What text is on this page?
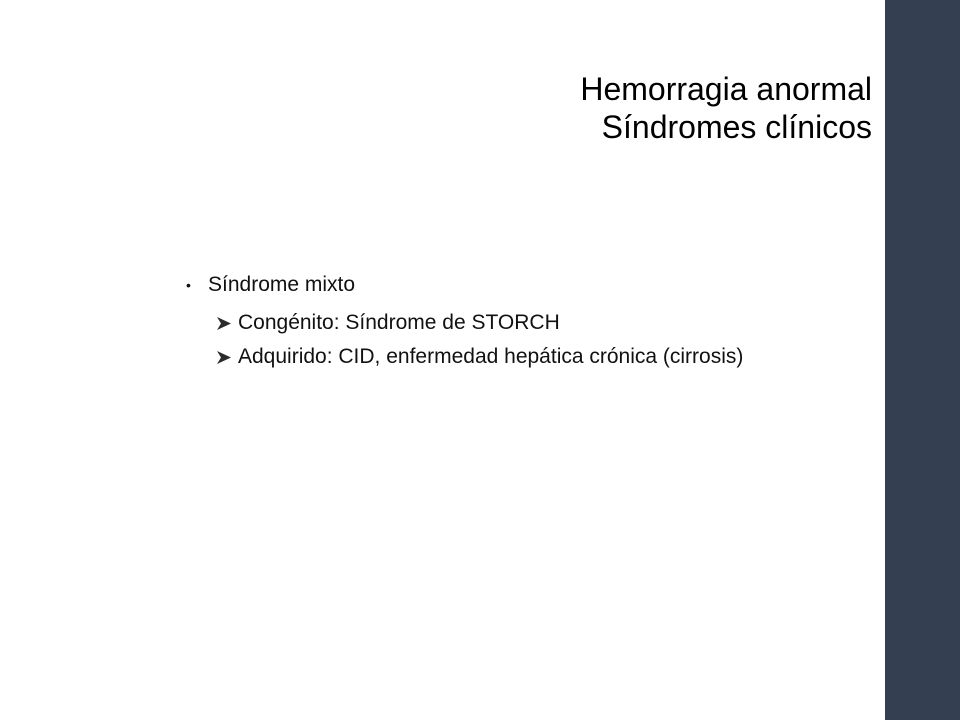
Hemorragia anormal
Síndromes clínicos
• Síndrome mixto
Congénito: Síndrome de STORCH
Adquirido: CID, enfermedad hepática crónica (cirrosis)
